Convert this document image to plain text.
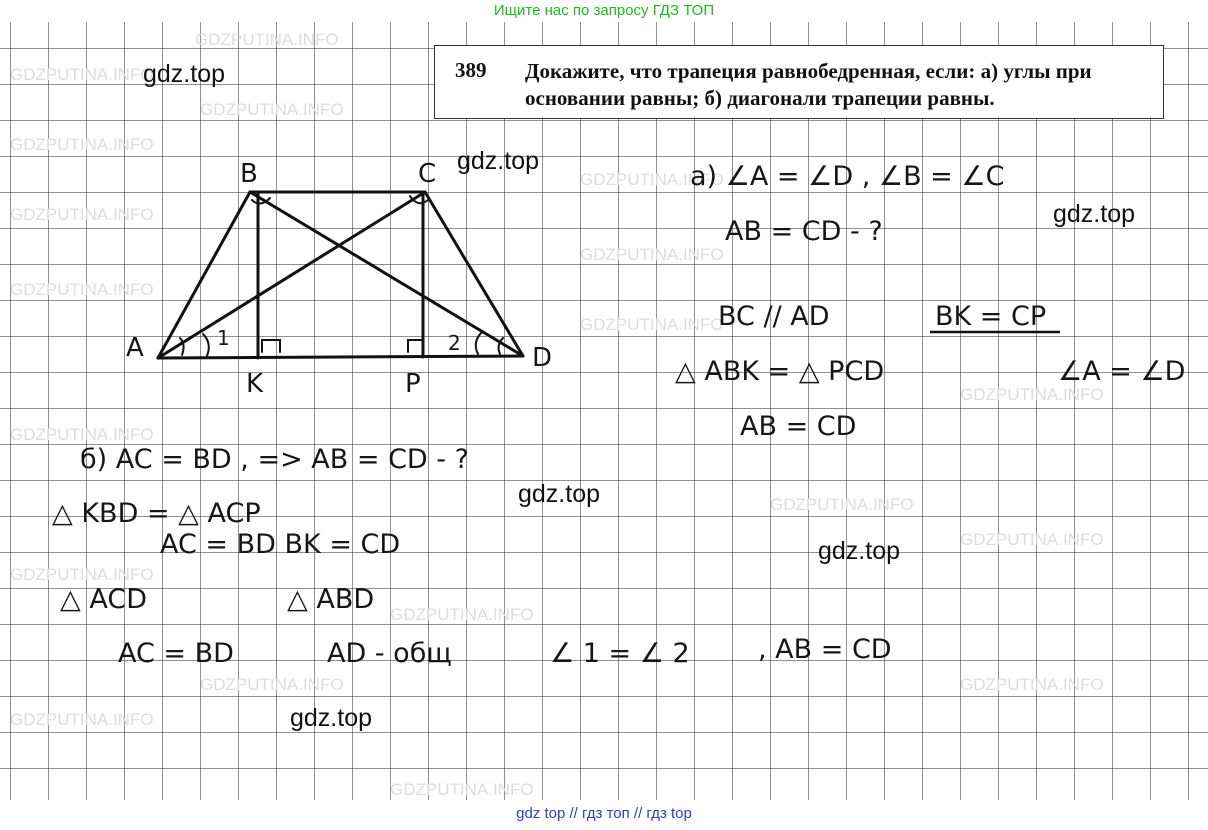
GDZPUTINA.INFO
GDZPUTINA.INFO
GDZPUTINA.INFO
GDZPUTINA.INFO
GDZPUTINA.INFO
GDZPUTINA.INFO
GDZPUTINA.INFO
GDZPUTINA.INFO
GDZPUTINA.INFO
GDZPUTINA.INFO
GDZPUTINA.INFO
GDZPUTINA.INFO
GDZPUTINA.INFO
GDZPUTINA.INFO
GDZPUTINA.INFO
GDZPUTINA.INFO	GDZPUTINA.INFO
GDZPUTINA.INFO
GDZPUTINA.INFO
B	C
A	D
K	P
1	2
а) ∠A = ∠D , ∠B = ∠C
AB = CD - ?
BC // AD	BK = CP
△ ABK = △ PCD	∠A = ∠D
AB = CD
б) AC = BD , => AB = CD - ?
△ KBD = △ ACP
AC = BD BK = CD
△ ACD	△ ABD
AC = BD	AD - общ	∠ 1 = ∠ 2	, AB = CD
Ищите нас по запросу ГДЗ ТОП
389 Докажите, что трапеция равнобедренная, если: а) углы при основании равны; б) диагонали трапеции равны.
gdz.top
gdz.top
gdz.top
gdz.top
gdz.top
gdz.top
gdz top // гдз топ // гдз top
